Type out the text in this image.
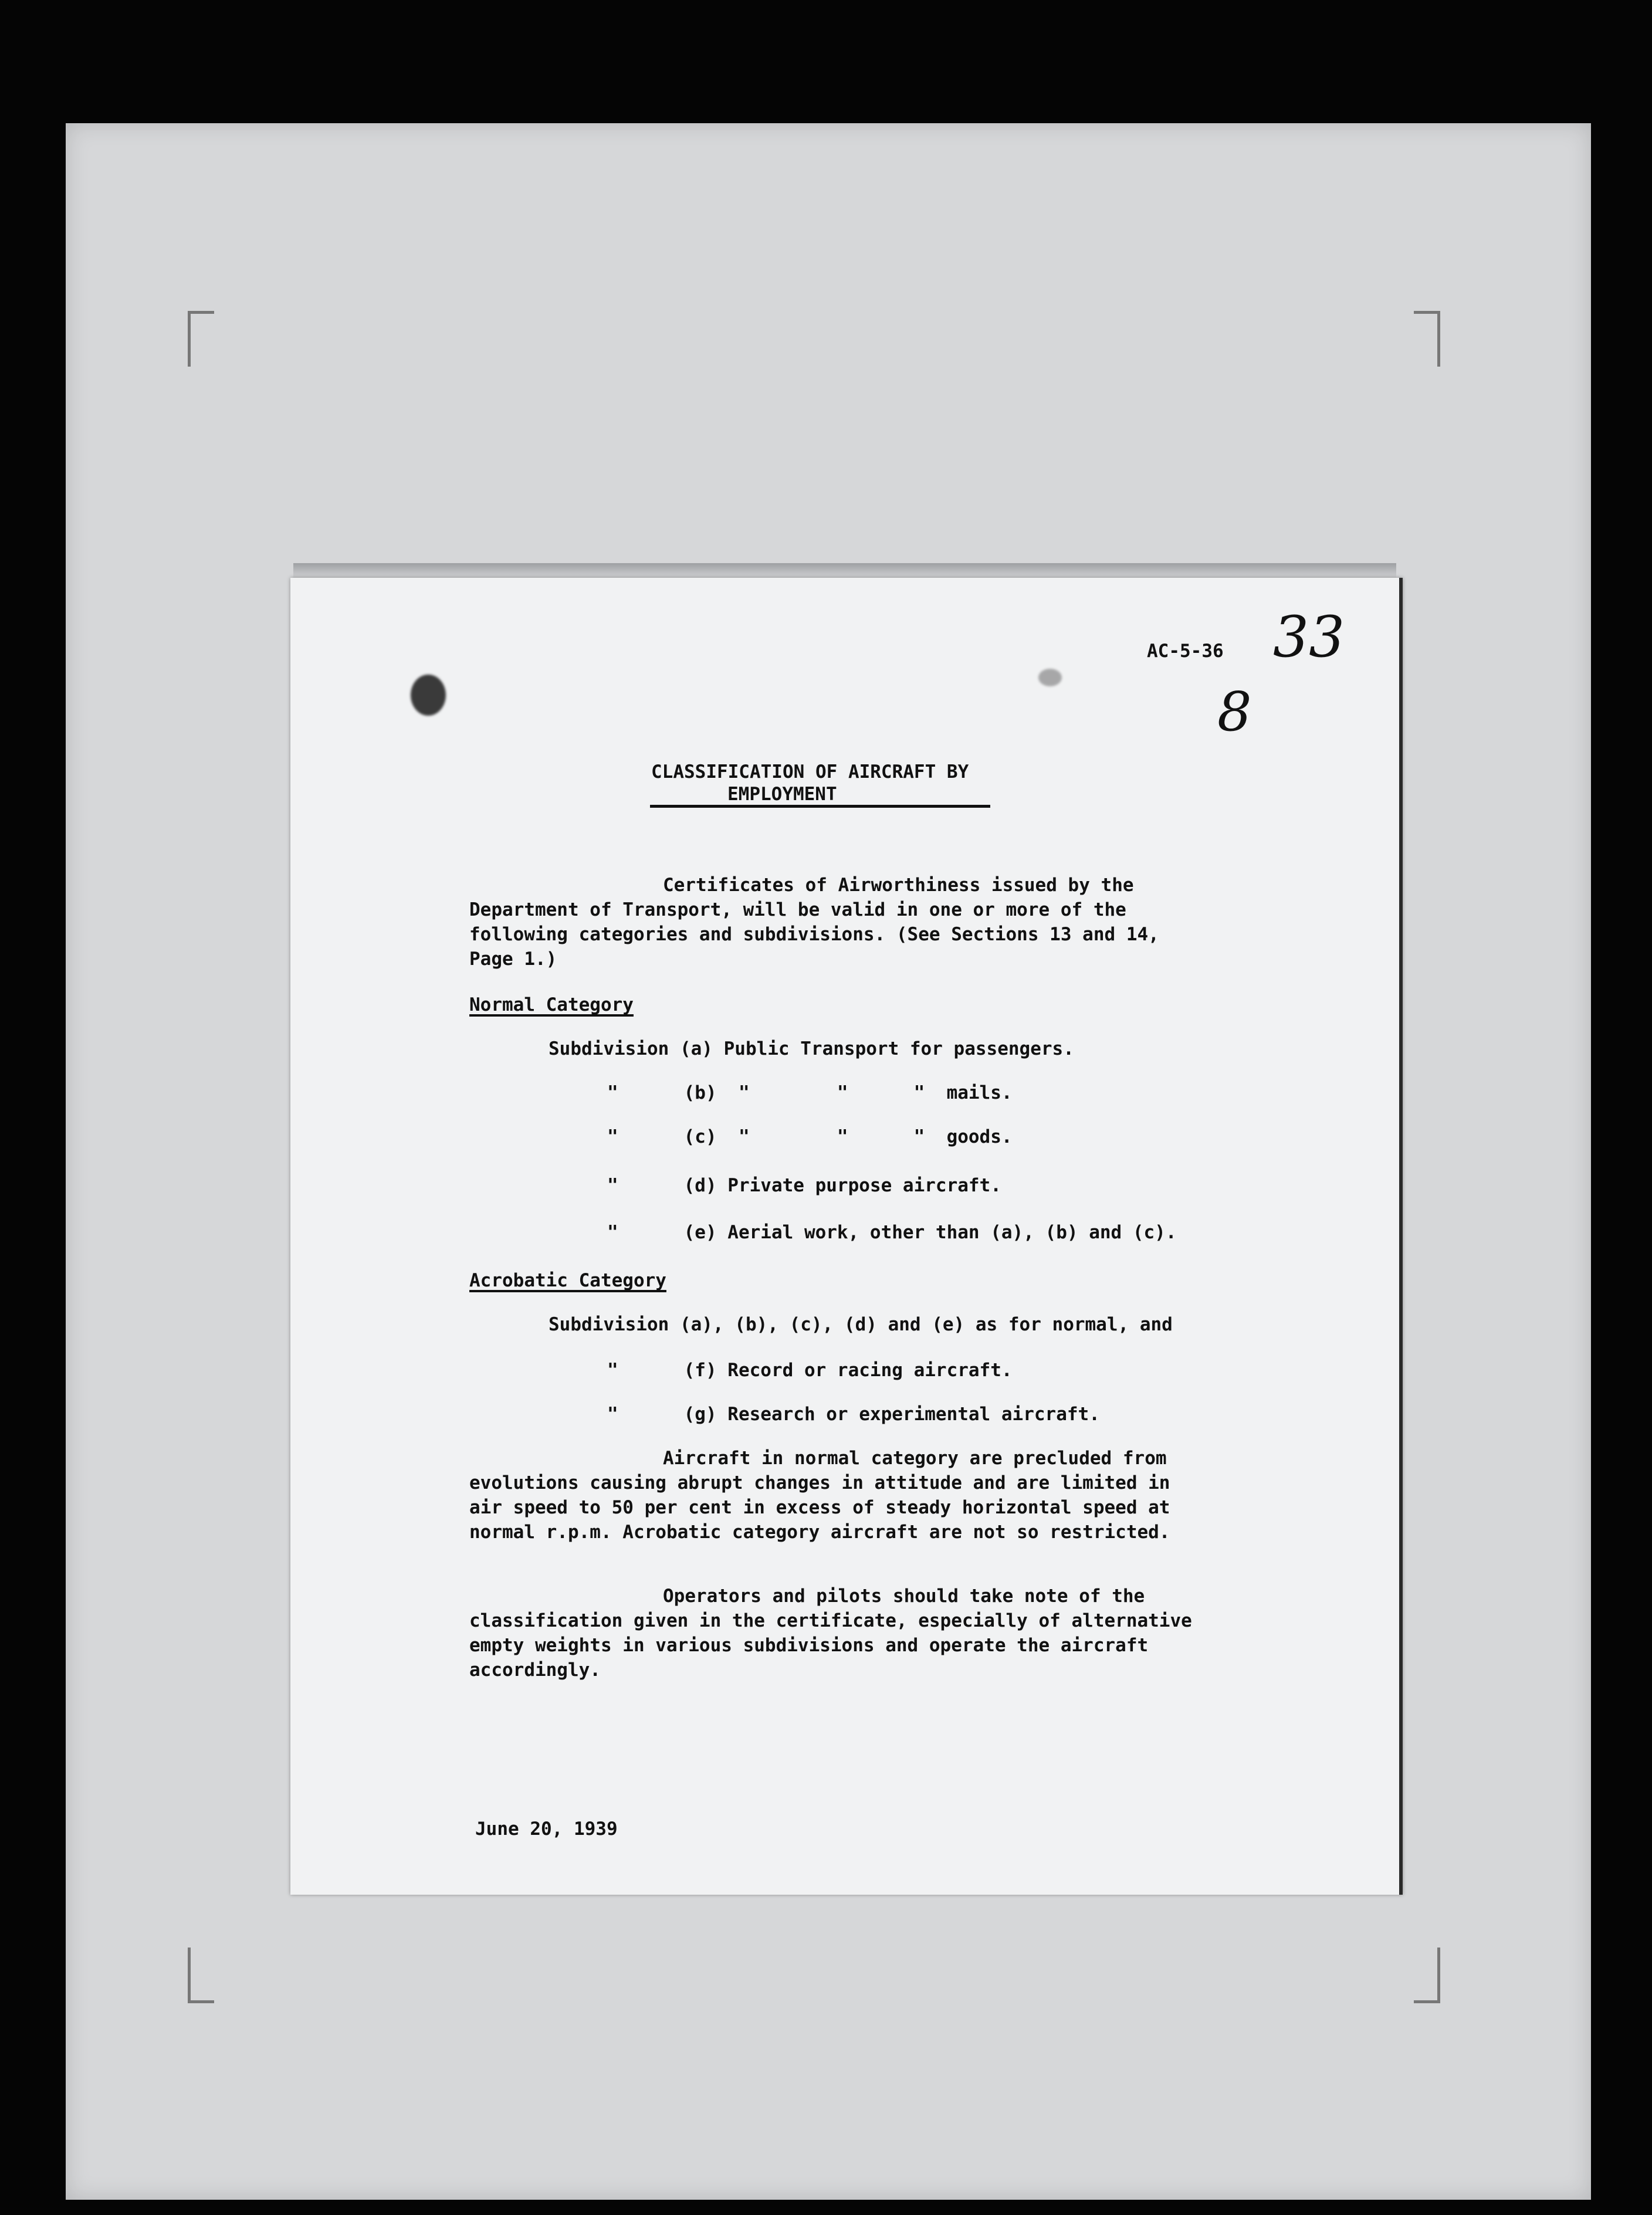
AC-5-36 33
8
CLASSIFICATION OF AIRCRAFT BY
EMPLOYMENT
Certificates of Airworthiness issued by the Department of Transport, will be valid in one or more of the following categories and subdivisions. (See Sections 13 and 14, Page 1.)
Normal Category
Subdivision (a) Public Transport for passengers.
"      (b)  "        "      "  mails.
"      (c)  "        "      "  goods.
"      (d) Private purpose aircraft.
"      (e) Aerial work, other than (a), (b) and (c).
Acrobatic Category
Subdivision (a), (b), (c), (d) and (e) as for normal, and
"      (f) Record or racing aircraft.
"      (g) Research or experimental aircraft.
Aircraft in normal category are precluded from evolutions causing abrupt changes in attitude and are limited in air speed to 50 per cent in excess of steady horizontal speed at normal r.p.m. Acrobatic category aircraft are not so restricted.
Operators and pilots should take note of the classification given in the certificate, especially of alternative empty weights in various subdivisions and operate the aircraft accordingly.
June 20, 1939
